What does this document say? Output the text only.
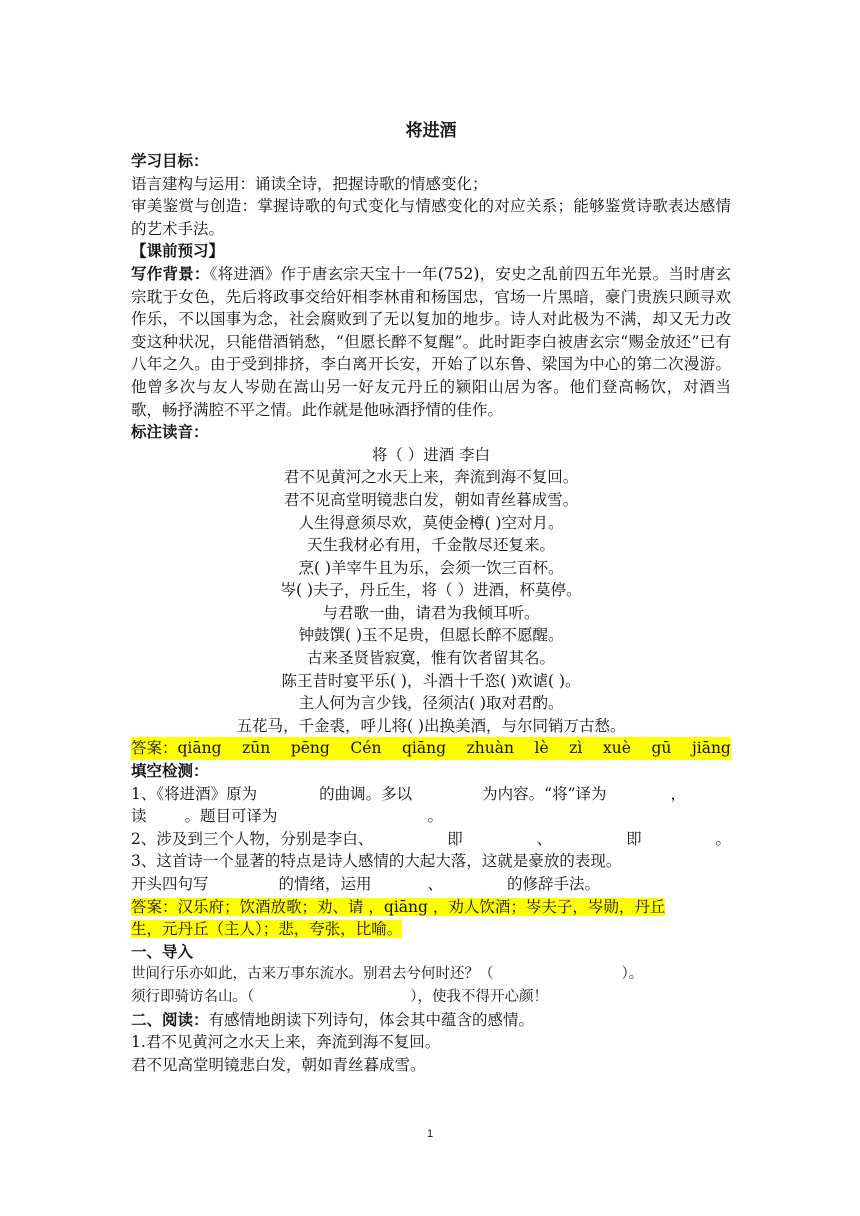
将进酒
学习目标：
语言建构与运用：诵读全诗，把握诗歌的情感变化；
审美鉴赏与创造：掌握诗歌的句式变化与情感变化的对应关系；能够鉴赏诗歌表达感情的艺术手法。
【课前预习】
写作背景：《将进酒》作于唐玄宗天宝十一年(752)，安史之乱前四五年光景。当时唐玄宗耽于女色，先后将政事交给奸相李林甫和杨国忠，官场一片黑暗，豪门贵族只顾寻欢作乐，不以国事为念，社会腐败到了无以复加的地步。诗人对此极为不满，却又无力改变这种状况，只能借酒销愁，“但愿长醉不复醒”。此时距李白被唐玄宗“赐金放还”已有八年之久。由于受到排挤，李白离开长安，开始了以东鲁、梁国为中心的第二次漫游。他曾多次与友人岑勋在嵩山另一好友元丹丘的颍阳山居为客。他们登高畅饮，对酒当歌，畅抒满腔不平之情。此作就是他咏酒抒情的佳作。
标注读音：
将（ ）进酒 李白
君不见黄河之水天上来，奔流到海不复回。
君不见高堂明镜悲白发，朝如青丝暮成雪。
人生得意须尽欢，莫使金樽( )空对月。
天生我材必有用，千金散尽还复来。
烹( )羊宰牛且为乐，会须一饮三百杯。
岑( )夫子，丹丘生，将（ ）进酒，杯莫停。
与君歌一曲，请君为我倾耳听。
钟鼓馔( )玉不足贵，但愿长醉不愿醒。
古来圣贤皆寂寞，惟有饮者留其名。
陈王昔时宴平乐( )，斗酒十千恣( )欢谑( )。
主人何为言少钱，径须沽( )取对君酌。
五花马，千金裘，呼儿将( )出换美酒，与尔同销万古愁。
答案：qiāng zūn pēng Cén qiāng zhuàn lè zì xuè gū jiāng
填空检测：
1、《将进酒》原为	的曲调。多以	为内容。“将”译为	，
读 。题目可译为	。
2、涉及到三个人物，分别是李白、	即	、	即	。
3、这首诗一个显著的特点是诗人感情的大起大落，这就是豪放的表现。
开头四句写	的情绪，运用	、	的修辞手法。
答案：汉乐府；饮酒放歌；劝、请 ，qiāng ，劝人饮酒；岑夫子，岑勋，丹丘
生，元丹丘（主人）；悲，夸张，比喻。
一、导入
世间行乐亦如此，古来万事东流水。别君去兮何时还？（	）。
须行即骑访名山。（	），使我不得开心颜！
二、阅读：有感情地朗读下列诗句，体会其中蕴含的感情。
1.君不见黄河之水天上来，奔流到海不复回。
君不见高堂明镜悲白发，朝如青丝暮成雪。
1
